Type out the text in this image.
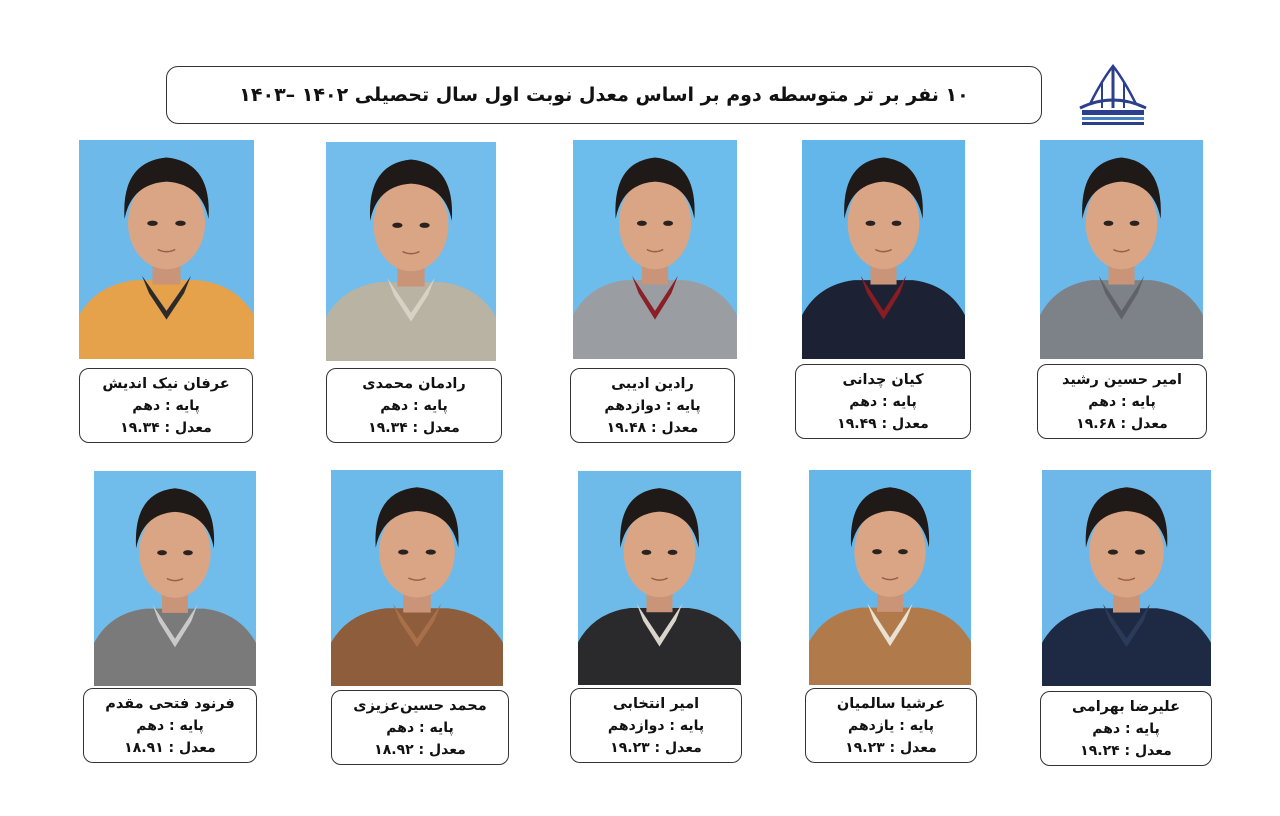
۱۰ نفر بر تر متوسطه دوم بر اساس معدل نوبت اول سال تحصیلی ۱۴۰۲ –۱۴۰۳
امیر حسین رشید
پایه : دهم
معدل : ۱۹.۶۸
کیان چدانی
پایه : دهم
معدل : ۱۹.۴۹
رادین ادیبی
پایه : دوازدهم
معدل : ۱۹.۴۸
رادمان محمدی
پایه : دهم
معدل : ۱۹.۳۴
عرفان نیک اندیش
پایه : دهم
معدل : ۱۹.۳۴
علیرضا بهرامی
پایه : دهم
معدل : ۱۹.۲۴
عرشیا سالمیان
پایه : یازدهم
معدل : ۱۹.۲۳
امیر انتخابی
پایه : دوازدهم
معدل : ۱۹.۲۳
محمد حسین‌عزیزی
پایه : دهم
معدل : ۱۸.۹۲
فرنود فتحی مقدم
پایه : دهم
معدل : ۱۸.۹۱
